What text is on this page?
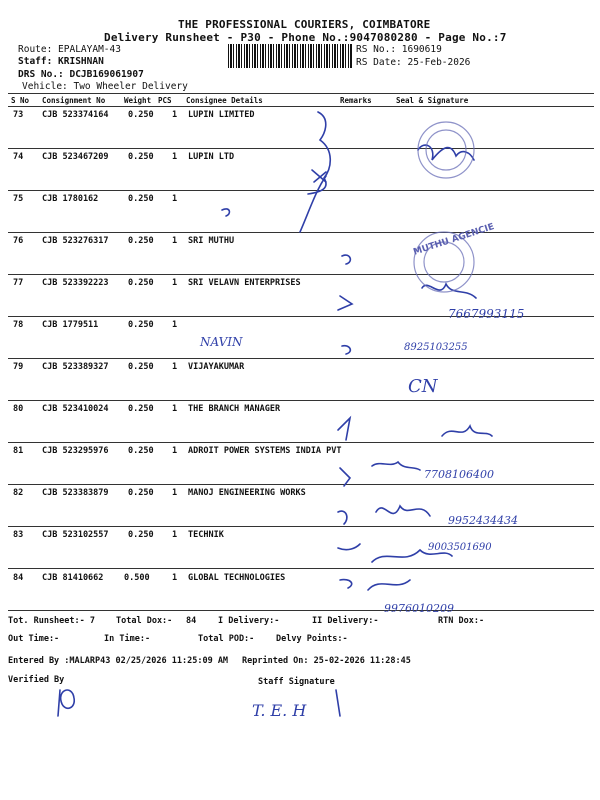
THE PROFESSIONAL COURIERS, COIMBATORE
Delivery Runsheet - P30 - Phone No.:9047080280 - Page No.:7
Route: EPALAYAM-43
Staff: KRISHNAN
DRS No.: DCJB169061907
Vehicle: Two Wheeler Delivery
RS No.: 1690619
RS Date: 25-Feb-2026
S No Consignment No	Weight PCS Consignee Details	Remarks	Seal & Signature
73 CJB 523374164 0.250 1 LUPIN LIMITED
74 CJB 523467209 0.250 1 LUPIN LTD
75 CJB 1780162	0.250 1
76 CJB 523276317 0.250 1 SRI MUTHU
77 CJB 523392223 0.250 1 SRI VELAVN ENTERPRISES
78 CJB 1779511	0.250 1
79 CJB 523389327 0.250 1 VIJAYAKUMAR
80 CJB 523410024 0.250 1 THE BRANCH MANAGER
81 CJB 523295976 0.250 1 ADROIT POWER SYSTEMS INDIA PVT
82 CJB 523383879 0.250 1 MANOJ ENGINEERING WORKS
83 CJB 523102557 0.250 1 TECHNIK
84 CJB 81410662 0.500	1 GLOBAL TECHNOLOGIES
MUTHU AGENCIE
NAVIN	8925103255
7667993115
CN
7708106400
9952434434
9003501690
9976010209
T. E. H
Tot. Runsheet:- 7 Total Dox:- 84	I Delivery:-	II Delivery:-	RTN Dox:-
Out Time:-	In Time:-	Total POD:-	Delvy Points:-
Entered By :MALARP43 02/25/2026 11:25:09 AM Reprinted On: 25-02-2026 11:28:45
Verified By	Staff Signature
